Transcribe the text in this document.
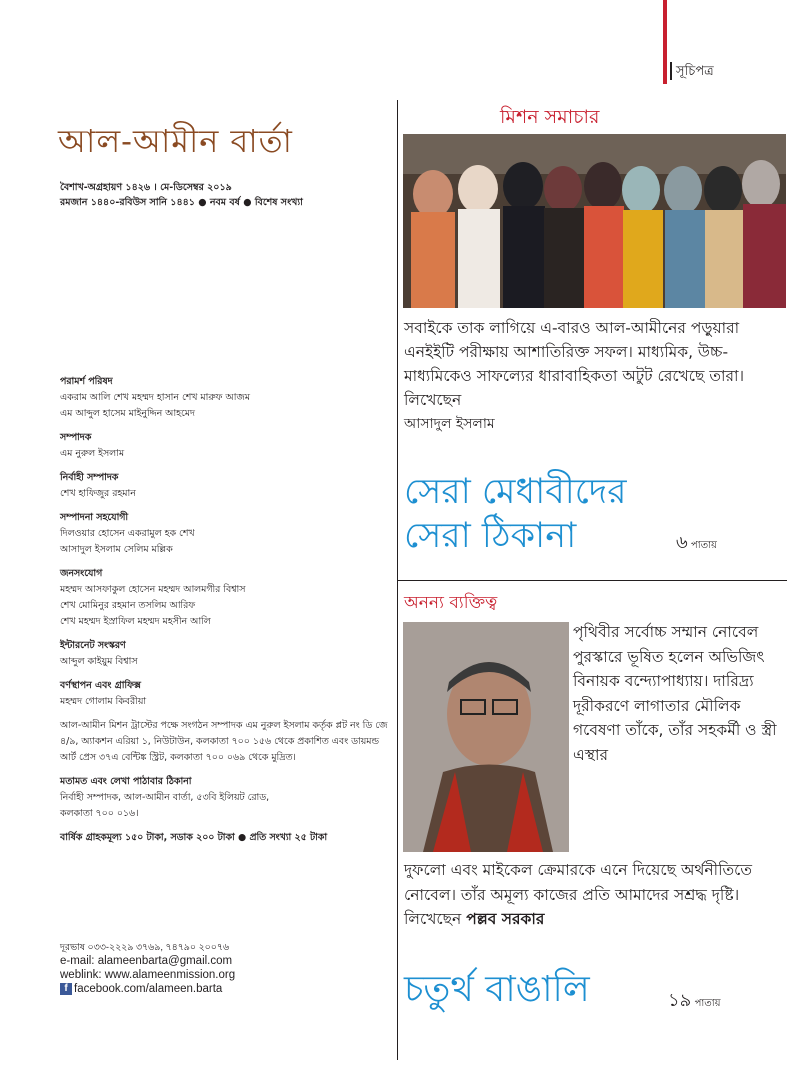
সূচিপত্র
আল-আমীন বার্তা
বৈশাখ-অগ্রহায়ণ ১৪২৬ । মে-ডিসেম্বর ২০১৯
রমজান ১৪৪০-রবিউস সানি ১৪৪১ ● নবম বর্ষ ● বিশেষ সংখ্যা
পরামর্শ পরিষদ
একরাম আলি শেখ মহম্মদ হাসান শেখ মারুফ আজম
এম আব্দুল হাসেম মাইনুদ্দিন আহমেদ
সম্পাদক
এম নুরুল ইসলাম
নির্বাহী সম্পাদক
শেখ হাফিজুর রহমান
সম্পাদনা সহযোগী
দিলওয়ার হোসেন একরামুল হক শেখ
আসাদুল ইসলাম সেলিম মল্লিক
জনসংযোগ
মহম্মদ আসফাকুল হোসেন মহম্মদ আলমগীর বিশ্বাস
শেখ মোমিনুর রহমান তসলিম আরিফ
শেখ মহম্মদ ইস্রাফিল মহম্মদ মহসীন আলি
ইন্টারনেট সংস্করণ
আব্দুল কাইয়ুম বিশ্বাস
বর্ণস্থাপন এবং গ্রাফিক্স
মহম্মদ গোলাম কিবরীয়া
আল-আমীন মিশন ট্রাস্টের পক্ষে সংগঠন সম্পাদক এম নুরুল ইসলাম কর্তৃক প্লট নং ডি জে ৪/৯, অ্যাকশন এরিয়া ১, নিউটাউন, কলকাতা ৭০০ ১৫৬ থেকে প্রকাশিত এবং ডায়মন্ড আর্ট প্রেস ৩৭এ বেন্টিঙ্ক স্ট্রিট, কলকাতা ৭০০ ০৬৯ থেকে মুদ্রিত।
মতামত এবং লেখা পাঠাবার ঠিকানা
নির্বাহী সম্পাদক, আল-আমীন বার্তা, ৫৩বি ইলিয়ট রোড,
কলকাতা ৭০০ ০১৬।
বার্ষিক গ্রাহকমূল্য ১৫০ টাকা, সডাক ২০০ টাকা ● প্রতি সংখ্যা ২৫ টাকা
দূরভাষ ০৩৩-২২২৯ ৩৭৬৯, ৭৪৭৯০ ২০০৭৬
e-mail: alameenbarta@gmail.com
weblink: www.alameenmission.org
f facebook.com/alameen.barta
মিশন সমাচার
সবাইকে তাক লাগিয়ে এ-বারও আল-আমীনের পড়ুয়ারা এনইইটি পরীক্ষায় আশাতিরিক্ত সফল। মাধ্যমিক, উচ্চ-মাধ্যমিকেও সাফল্যের ধারাবাহিকতা অটুট রেখেছে তারা। লিখেছেন
আসাদুল ইসলাম
সেরা মেধাবীদের
সেরা ঠিকানা	৬ পাতায়
অনন্য ব্যক্তিত্ব
পৃথিবীর সর্বোচ্চ সম্মান নোবেল পুরস্কারে ভূষিত হলেন অভিজিৎ বিনায়ক বন্দ্যোপাধ্যায়। দারিদ্র্য দূরীকরণে লাগাতার মৌলিক গবেষণা তাঁকে, তাঁর সহকর্মী ও স্ত্রী এস্থার
দুফলো এবং মাইকেল ক্রেমারকে এনে দিয়েছে অর্থনীতিতে নোবেল। তাঁর অমূল্য কাজের প্রতি আমাদের সশ্রদ্ধ দৃষ্টি। লিখেছেন পল্লব সরকার
চতুর্থ বাঙালি	১৯ পাতায়
